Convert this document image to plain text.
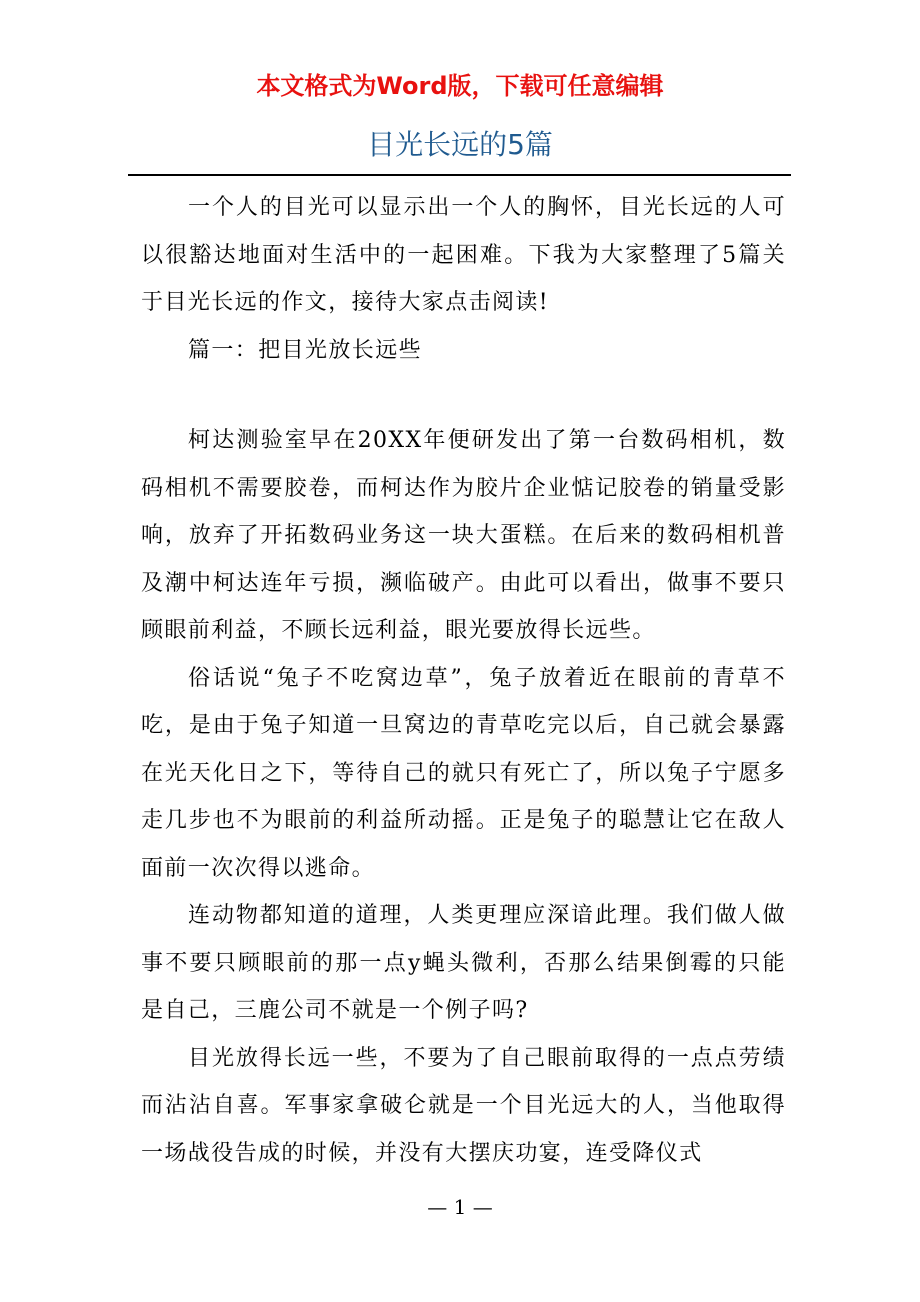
本文格式为Word版，下载可任意编辑
目光长远的5篇

一个人的目光可以显示出一个人的胸怀，目光长远的人可以很豁达地面对生活中的一起困难。下我为大家整理了5篇关于目光长远的作文，接待大家点击阅读!

篇一：把目光放长远些

柯达测验室早在20XX年便研发出了第一台数码相机，数码相机不需要胶卷，而柯达作为胶片企业惦记胶卷的销量受影响，放弃了开拓数码业务这一块大蛋糕。在后来的数码相机普及潮中柯达连年亏损，濒临破产。由此可以看出，做事不要只顾眼前利益，不顾长远利益，眼光要放得长远些。

俗话说“兔子不吃窝边草”，兔子放着近在眼前的青草不吃，是由于兔子知道一旦窝边的青草吃完以后，自己就会暴露在光天化日之下，等待自己的就只有死亡了，所以兔子宁愿多走几步也不为眼前的利益所动摇。正是兔子的聪慧让它在敌人面前一次次得以逃命。

连动物都知道的道理，人类更理应深谙此理。我们做人做事不要只顾眼前的那一点y蝇头微利，否那么结果倒霉的只能是自己，三鹿公司不就是一个例子吗?

目光放得长远一些，不要为了自己眼前取得的一点点劳绩而沾沾自喜。军事家拿破仑就是一个目光远大的人，当他取得一场战役告成的时候，并没有大摆庆功宴，连受降仪式

— 1 —
